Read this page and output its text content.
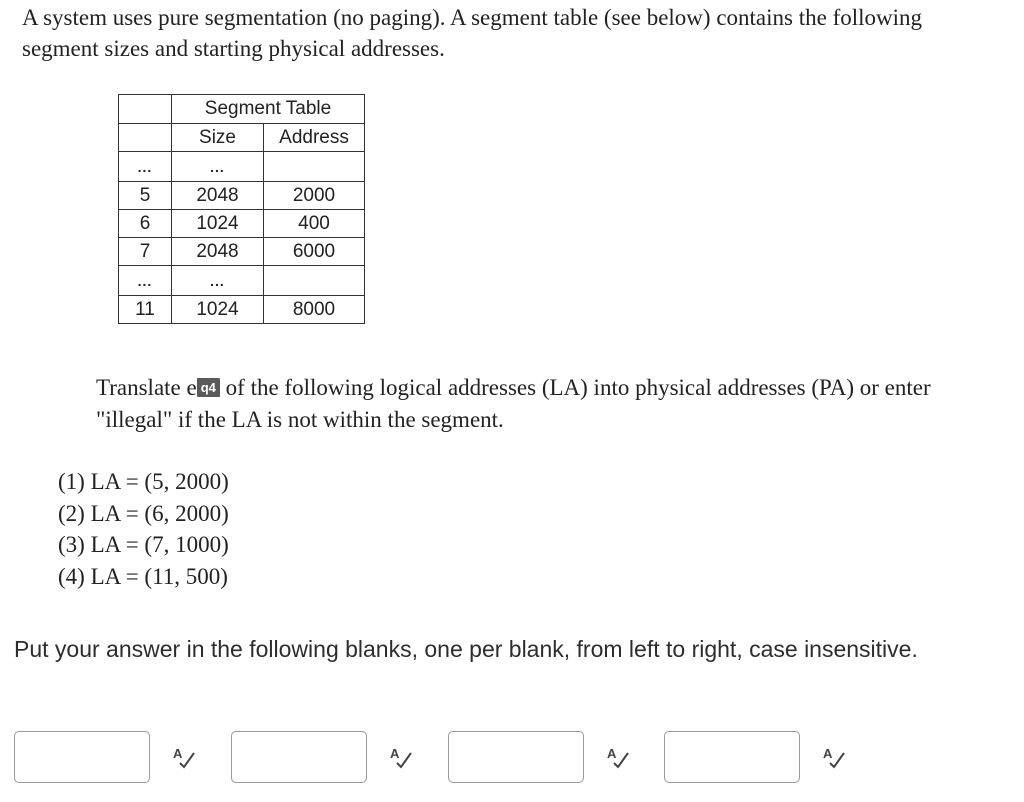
A system uses pure segmentation (no paging). A segment table (see below) contains the following segment sizes and starting physical addresses.
	Segment Table	
	Size	Address
...	...	
5	2048	2000
6	1024	400
7	2048	6000
...	...	
11	1024	8000
Translate e q4 of the following logical addresses (LA) into physical addresses (PA) or enter "illegal" if the LA is not within the segment.
(1) LA = (5, 2000)
(2) LA = (6, 2000)
(3) LA = (7, 1000)
(4) LA = (11, 500)
Put your answer in the following blanks, one per blank, from left to right, case insensitive.
A	A	A	A
